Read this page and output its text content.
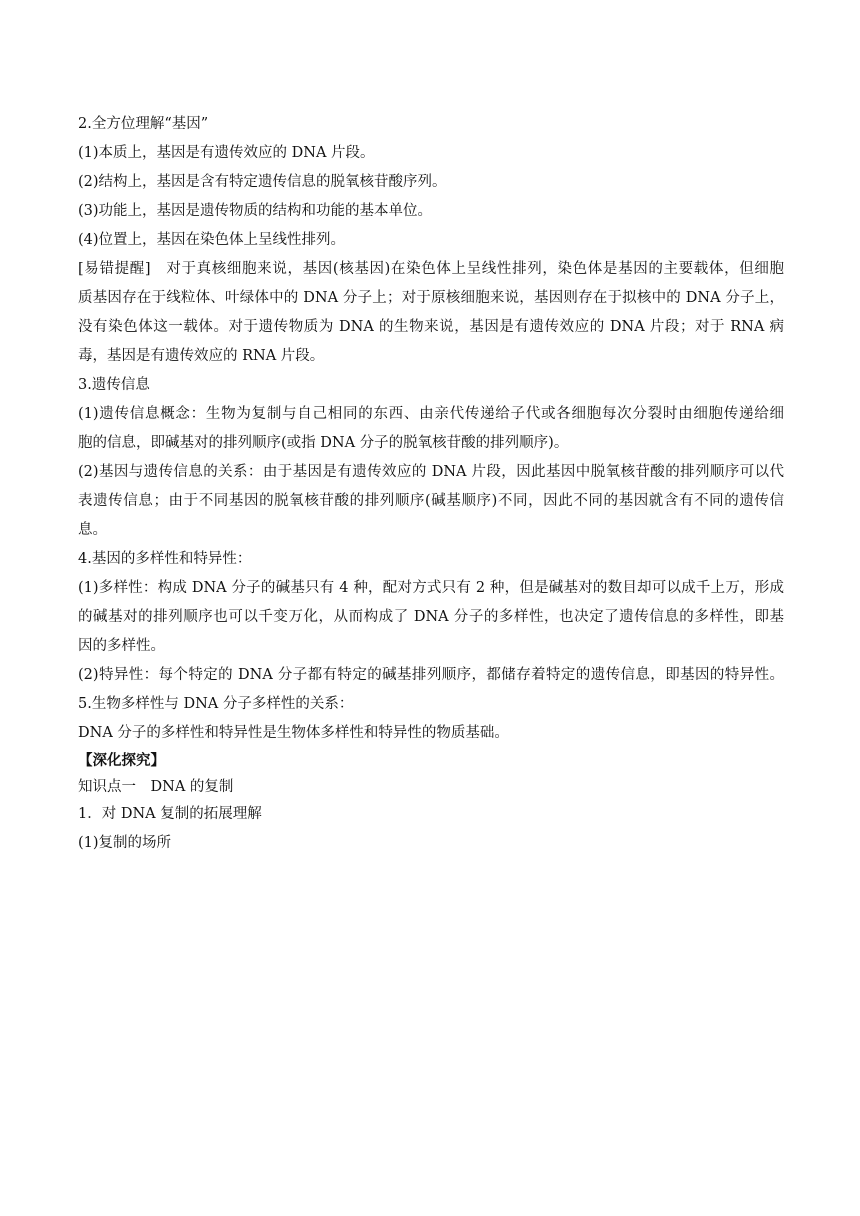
2.全方位理解“基因”
(1)本质上，基因是有遗传效应的 DNA 片段。
(2)结构上，基因是含有特定遗传信息的脱氧核苷酸序列。
(3)功能上，基因是遗传物质的结构和功能的基本单位。
(4)位置上，基因在染色体上呈线性排列。
[易错提醒]　对于真核细胞来说，基因(核基因)在染色体上呈线性排列，染色体是基因的主要载体，但细胞
质基因存在于线粒体、叶绿体中的 DNA 分子上；对于原核细胞来说，基因则存在于拟核中的 DNA 分子上，
没有染色体这一载体。对于遗传物质为 DNA 的生物来说，基因是有遗传效应的 DNA 片段；对于 RNA 病
毒，基因是有遗传效应的 RNA 片段。
3.遗传信息
(1)遗传信息概念：生物为复制与自己相同的东西、由亲代传递给子代或各细胞每次分裂时由细胞传递给细
胞的信息，即碱基对的排列顺序(或指 DNA 分子的脱氧核苷酸的排列顺序)。
(2)基因与遗传信息的关系：由于基因是有遗传效应的 DNA 片段，因此基因中脱氧核苷酸的排列顺序可以代
表遗传信息；由于不同基因的脱氧核苷酸的排列顺序(碱基顺序)不同，因此不同的基因就含有不同的遗传信
息。
4.基因的多样性和特异性：
(1)多样性：构成 DNA 分子的碱基只有 4 种，配对方式只有 2 种，但是碱基对的数目却可以成千上万，形成
的碱基对的排列顺序也可以千变万化，从而构成了 DNA 分子的多样性，也决定了遗传信息的多样性，即基
因的多样性。
(2)特异性：每个特定的 DNA 分子都有特定的碱基排列顺序，都储存着特定的遗传信息，即基因的特异性。
5.生物多样性与 DNA 分子多样性的关系：
DNA 分子的多样性和特异性是生物体多样性和特异性的物质基础。
【深化探究】
知识点一　DNA 的复制
1．对 DNA 复制的拓展理解
(1)复制的场所
